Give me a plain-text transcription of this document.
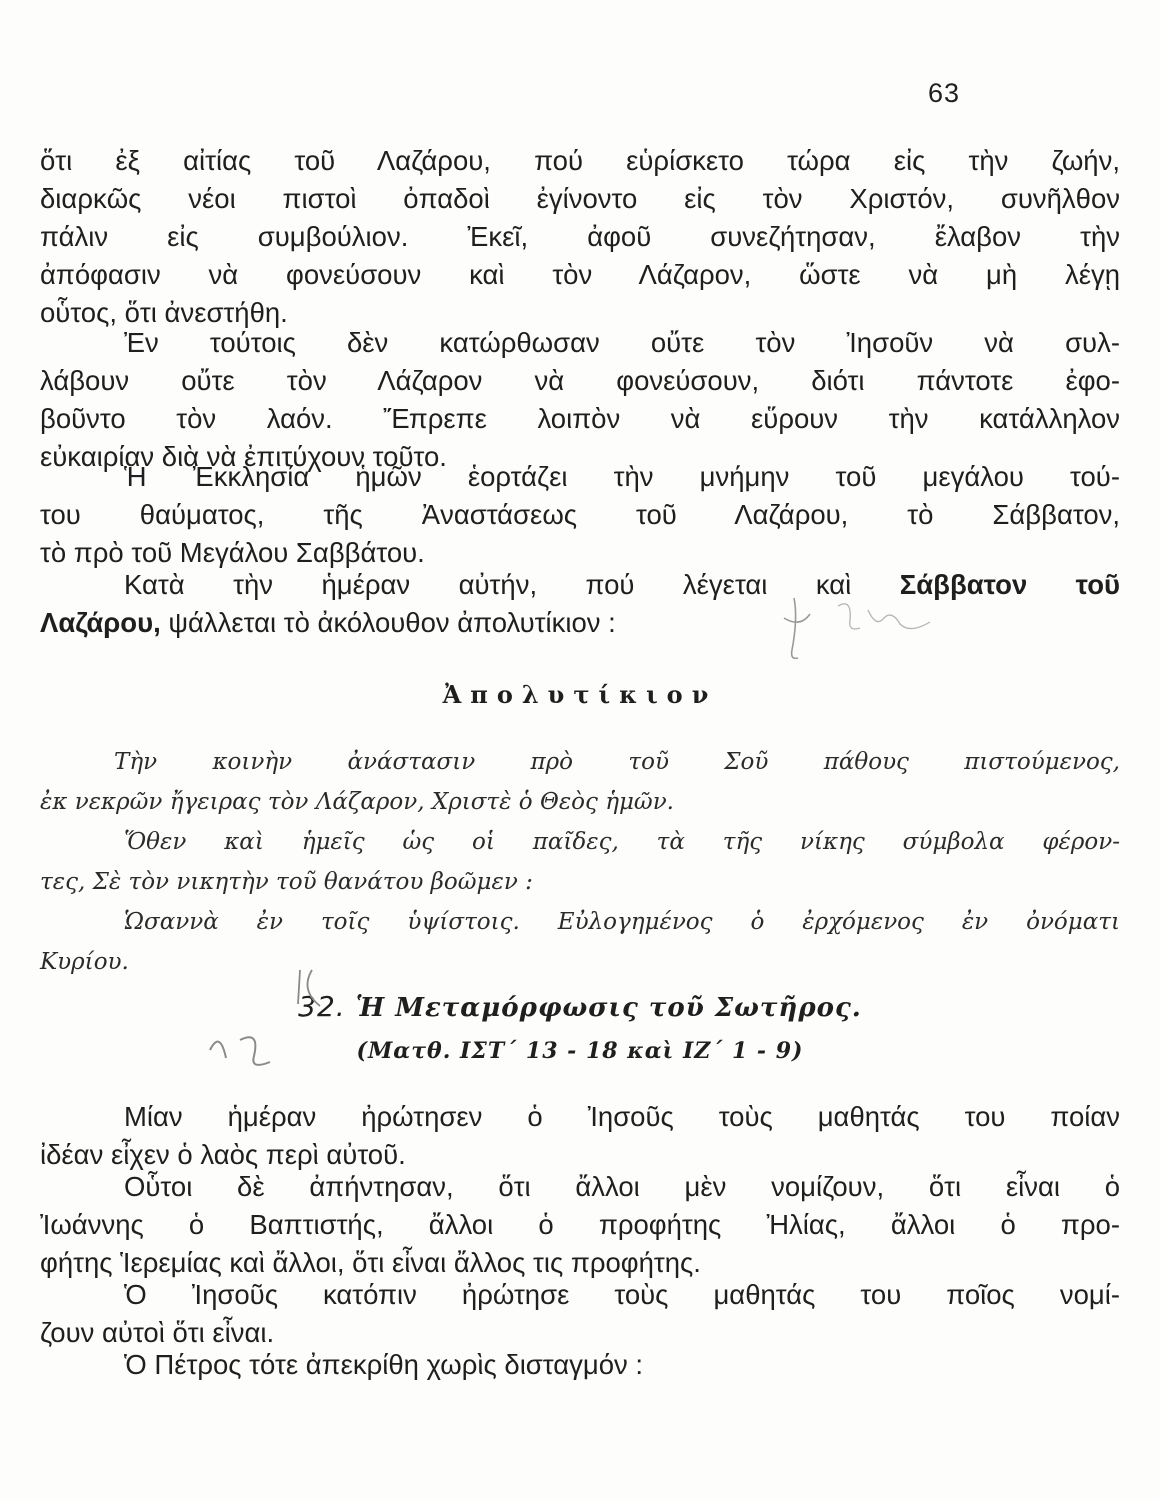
63
ὅτι ἐξ αἰτίας τοῦ Λαζάρου, πού εὑρίσκετο τώρα εἰς τὴν ζωήν,
διαρκῶς νέοι πιστοὶ ὀπαδοὶ ἐγίνοντο εἰς τὸν Χριστόν, συνῆλθον
πάλιν εἰς συμβούλιον. Ἐκεῖ, ἀφοῦ συνεζήτησαν, ἔλαβον τὴν
ἀπόφασιν νὰ φονεύσουν καὶ τὸν Λάζαρον, ὥστε νὰ μὴ λέγῃ
οὗτος, ὅτι ἀνεστήθη.
Ἐν τούτοις δὲν κατώρθωσαν οὔτε τὸν Ἰησοῦν νὰ συλ-
λάβουν οὔτε τὸν Λάζαρον νὰ φονεύσουν, διότι πάντοτε ἐφο-
βοῦντο τὸν λαόν. Ἔπρεπε λοιπὸν νὰ εὕρουν τὴν κατάλληλον
εὐκαιρίαν διὰ νὰ ἐπιτύχουν τοῦτο.
Ἡ Ἐκκλησία ἡμῶν ἑορτάζει τὴν μνήμην τοῦ μεγάλου τού-
του θαύματος, τῆς Ἀναστάσεως τοῦ Λαζάρου, τὸ Σάββατον,
τὸ πρὸ τοῦ Μεγάλου Σαββάτου.
Κατὰ τὴν ἡμέραν αὐτήν, πού λέγεται καὶ Σάββατον τοῦ
Λαζάρου, ψάλλεται τὸ ἀκόλουθον ἀπολυτίκιον :
Ἀπολυτίκιον
Τὴν κοινὴν ἀνάστασιν πρὸ τοῦ Σοῦ πάθους πιστούμενος,
ἐκ νεκρῶν ἤγειρας τὸν Λάζαρον, Χριστὲ ὁ Θεὸς ἡμῶν.
Ὅθεν καὶ ἡμεῖς ὡς οἱ παῖδες, τὰ τῆς νίκης σύμβολα φέρον-
τες, Σὲ τὸν νικητὴν τοῦ θανάτου βοῶμεν :
Ὡσαννὰ ἐν τοῖς ὑψίστοις. Εὐλογημένος ὁ ἐρχόμενος ἐν ὀνόματι
Κυρίου.
32. Ἡ Μεταμόρφωσις τοῦ Σωτῆρος.
(Ματθ. ΙΣΤ΄ 13 - 18 καὶ ΙΖ΄ 1 - 9)
Μίαν ἡμέραν ἠρώτησεν ὁ Ἰησοῦς τοὺς μαθητάς του ποίαν
ἰδέαν εἶχεν ὁ λαὸς περὶ αὐτοῦ.
Οὗτοι δὲ ἀπήντησαν, ὅτι ἄλλοι μὲν νομίζουν, ὅτι εἶναι ὁ
Ἰωάννης ὁ Βαπτιστής, ἄλλοι ὁ προφήτης Ἠλίας, ἄλλοι ὁ προ-
φήτης Ἱερεμίας καὶ ἄλλοι, ὅτι εἶναι ἄλλος τις προφήτης.
Ὁ Ἰησοῦς κατόπιν ἠρώτησε τοὺς μαθητάς του ποῖος νομί-
ζουν αὐτοὶ ὅτι εἶναι.
Ὁ Πέτρος τότε ἀπεκρίθη χωρὶς δισταγμόν :
